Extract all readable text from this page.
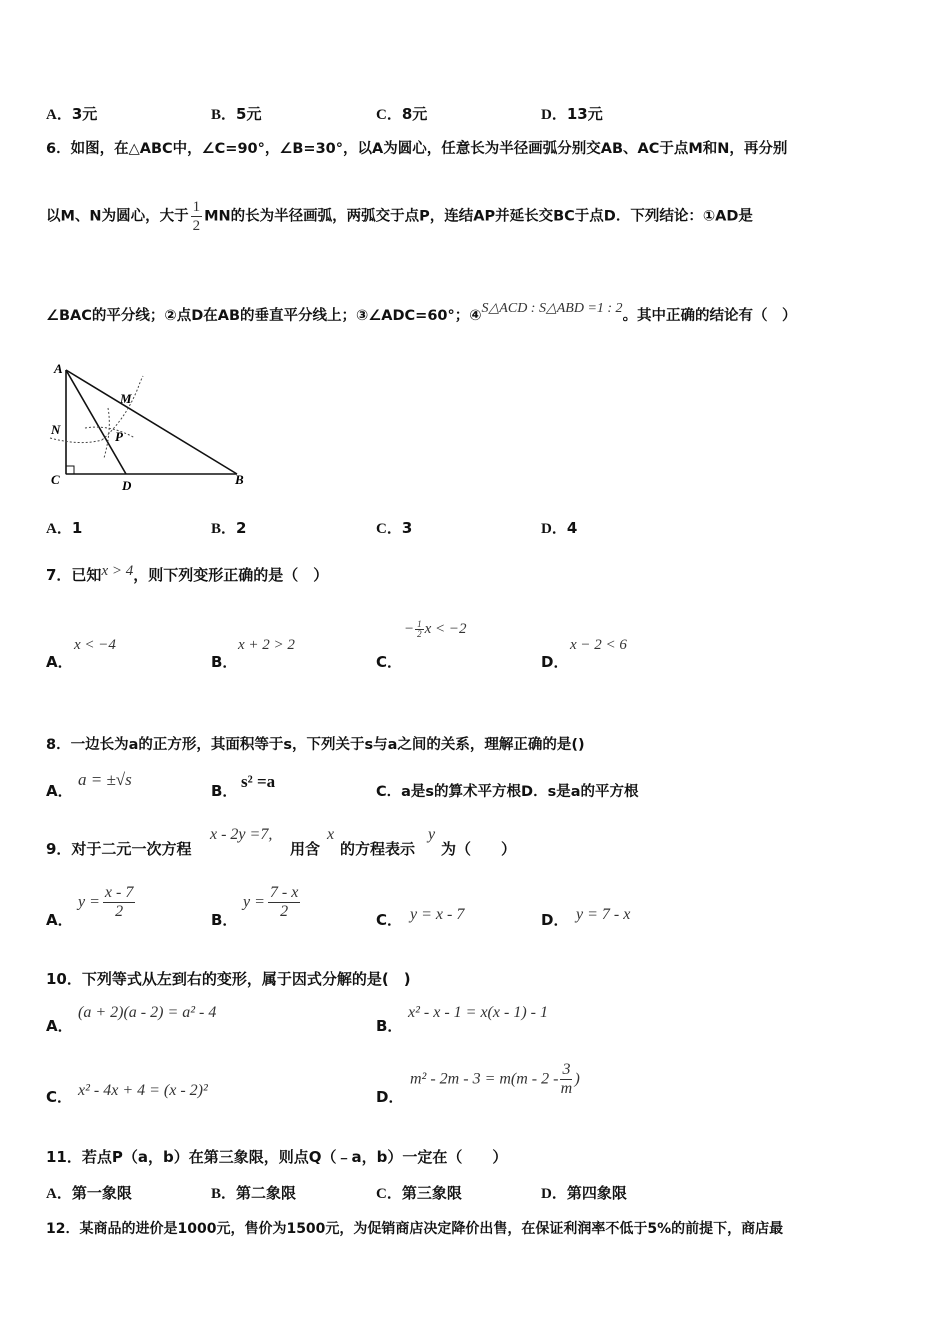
A．3元	B．5元	C．8元	D．13元
6．如图，在△ABC中，∠C=90°，∠B=30°，以A为圆心，任意长为半径画弧分别交AB、AC于点M和N，再分别
以M、N为圆心，大于 $\frac{1}{2}$ MN的长为半径画弧，两弧交于点P，连结AP并延长交BC于点D．下列结论：①AD是
∠BAC的平分线；②点D在AB的垂直平分线上；③∠ADC=60°；④S△ACD : S△ABD =1 : 2。其中正确的结论有（　）
A
M
N	P
C	D	B
A．1	B．2	C．3	D．4
7．已知x > 4，则下列变形正确的是（　）
A．
x < −4
B．
x + 2 > 2
C．
− $\frac{1}{2}$ x < −2
D．
x − 2 < 6
8．一边长为a的正方形，其面积等于s，下列关于s与a之间的关系，理解正确的是()
A．
a = ±√s
B． s² =a
C．a是s的算术平方根D．s是a的平方根
9．对于二元一次方程
x - 2y =7,
用含
x
的方程表示
y
为（　　）
A．
$y = \frac{x - 7}{2}$	B．
$y = \frac{7 - x}{2}$	C． y = x - 7	D． y = 7 - x
10．下列等式从左到右的变形，属于因式分解的是(　)
A．
(a + 2)(a - 2) = a² - 4
B．
x² - x - 1 = x(x - 1) - 1
C． x² - 4x + 4 = (x - 2)²	D．
$m^2 - 2m - 3 = m(m - 2 - \frac{3}{m}$ )
11．若点P（a，b）在第三象限，则点Q（﹣a，b）一定在（　　）
A．第一象限	B．第二象限	C．第三象限	D．第四象限
12．某商品的进价是1000元，售价为1500元，为促销商店决定降价出售，在保证利润率不低于5%的前提下，商店最
